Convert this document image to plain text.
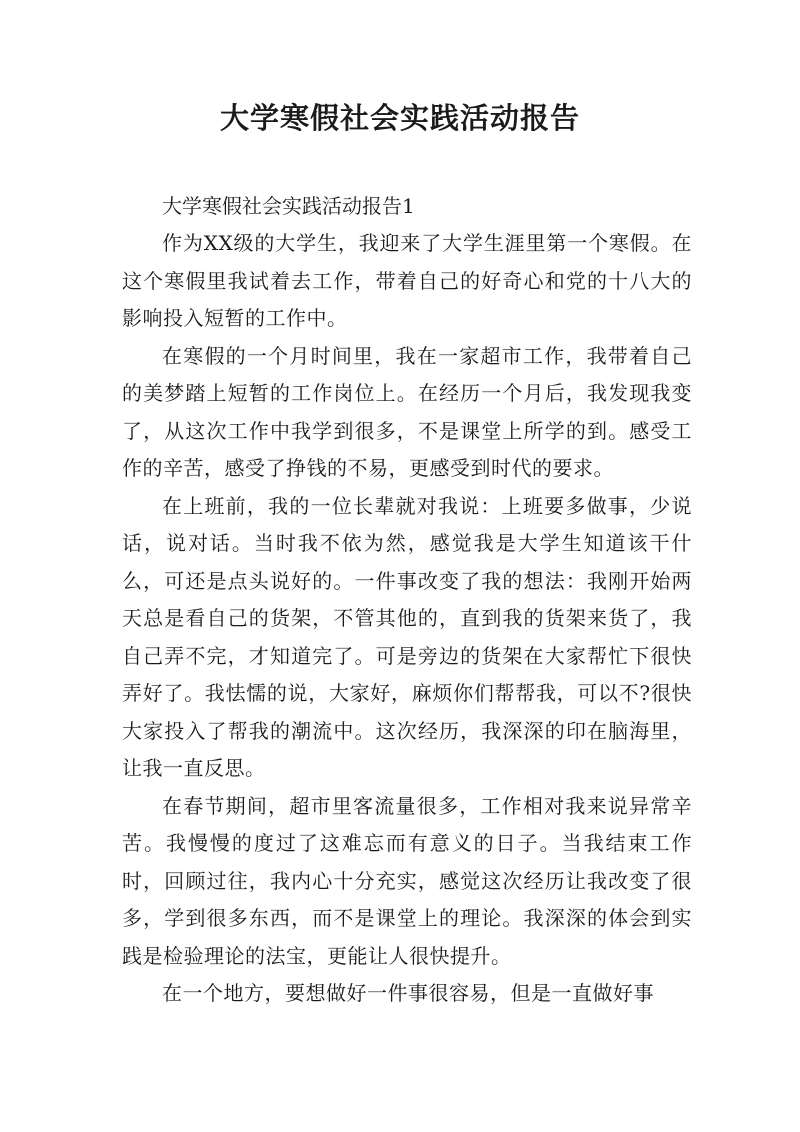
大学寒假社会实践活动报告

大学寒假社会实践活动报告1

作为XX级的大学生，我迎来了大学生涯里第一个寒假。在这个寒假里我试着去工作，带着自己的好奇心和党的十八大的影响投入短暂的工作中。

在寒假的一个月时间里，我在一家超市工作，我带着自己的美梦踏上短暂的工作岗位上。在经历一个月后，我发现我变了，从这次工作中我学到很多，不是课堂上所学的到。感受工作的辛苦，感受了挣钱的不易，更感受到时代的要求。

在上班前，我的一位长辈就对我说：上班要多做事，少说话，说对话。当时我不依为然，感觉我是大学生知道该干什么，可还是点头说好的。一件事改变了我的想法：我刚开始两天总是看自己的货架，不管其他的，直到我的货架来货了，我自己弄不完，才知道完了。可是旁边的货架在大家帮忙下很快弄好了。我怯懦的说，大家好，麻烦你们帮帮我，可以不?很快大家投入了帮我的潮流中。这次经历，我深深的印在脑海里，让我一直反思。

在春节期间，超市里客流量很多，工作相对我来说异常辛苦。我慢慢的度过了这难忘而有意义的日子。当我结束工作时，回顾过往，我内心十分充实，感觉这次经历让我改变了很多，学到很多东西，而不是课堂上的理论。我深深的体会到实践是检验理论的法宝，更能让人很快提升。

在一个地方，要想做好一件事很容易，但是一直做好事
